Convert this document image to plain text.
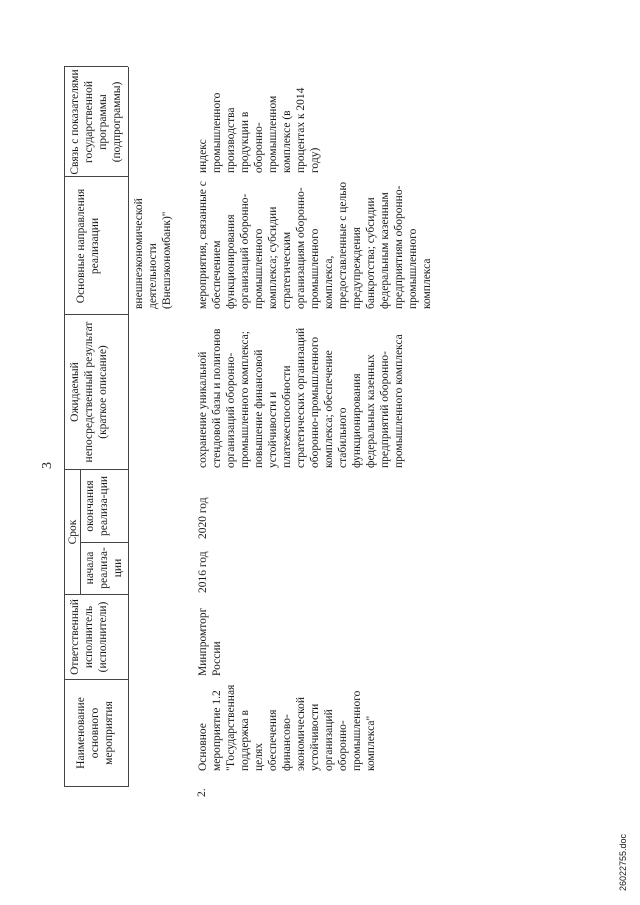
3
Наименование основного мероприятия
Ответственный исполнитель (исполнители)
Срок
начала реализа-ции
окончания реализа-ции
Ожидаемый непосредственный результат (краткое описание)
Основные направления реализации
Связь с показателями государственной программы (подпрограммы)
внешнеэкономической деятельности (Внешэкономбанк)"
2.
Основное мероприятие 1.2 "Государственная поддержка в целях обеспечения финансово-экономической устойчивости организаций оборонно-промышленного комплекса"
Минпромторг России
2016 год
2020 год
сохранение уникальной стендовой базы и полигонов организаций оборонно-промышленного комплекса; повышение финансовой устойчивости и платежеспособности стратегических организаций оборонно-промышленного комплекса; обеспечение стабильного функционирования федеральных казенных предприятий оборонно-промышленного комплекса
мероприятия, связанные с обеспечением функционирования организаций оборонно-промышленного комплекса; субсидии стратегическим организациям оборонно-промышленного комплекса, предоставленные с целью предупреждения банкротства; субсидии федеральным казенным предприятиям оборонно-промышленного комплекса
индекс промышленного производства продукции в оборонно-промышленном комплексе (в процентах к 2014 году)
26022755.doc
